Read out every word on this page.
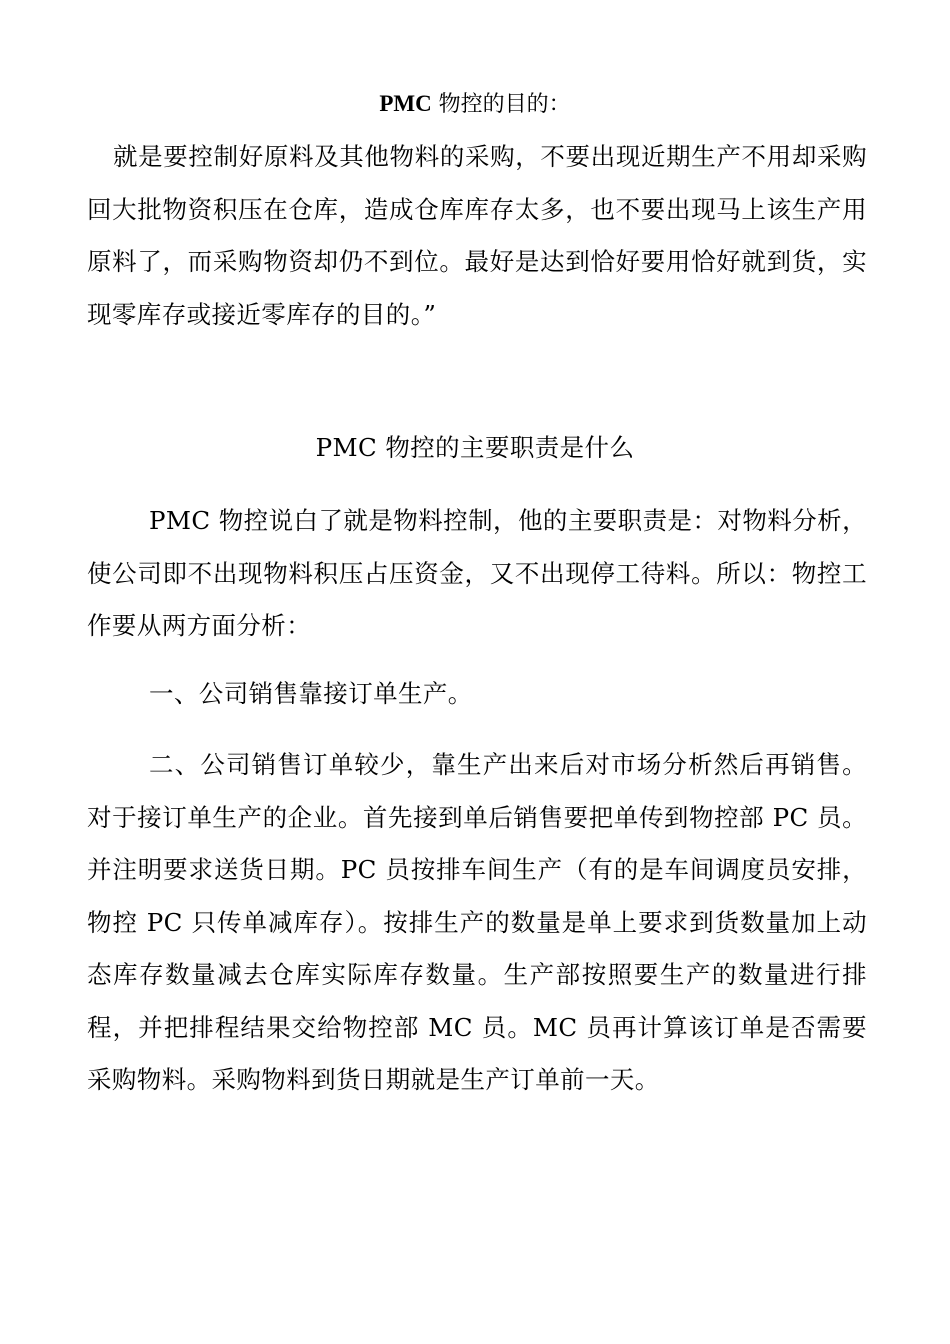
PMC 物控的目的：

就是要控制好原料及其他物料的采购，不要出现近期生产不用却采购回大批物资积压在仓库，造成仓库库存太多，也不要出现马上该生产用原料了，而采购物资却仍不到位。最好是达到恰好要用恰好就到货，实现零库存或接近零库存的目的。”

PMC 物控的主要职责是什么

PMC 物控说白了就是物料控制，他的主要职责是：对物料分析，使公司即不出现物料积压占压资金，又不出现停工待料。所以：物控工作要从两方面分析：

一、公司销售靠接订单生产。

二、公司销售订单较少，靠生产出来后对市场分析然后再销售。对于接订单生产的企业。首先接到单后销售要把单传到物控部 PC 员。并注明要求送货日期。PC 员按排车间生产（有的是车间调度员安排，物控 PC 只传单减库存）。按排生产的数量是单上要求到货数量加上动态库存数量减去仓库实际库存数量。生产部按照要生产的数量进行排程，并把排程结果交给物控部 MC 员。MC 员再计算该订单是否需要采购物料。采购物料到货日期就是生产订单前一天。
